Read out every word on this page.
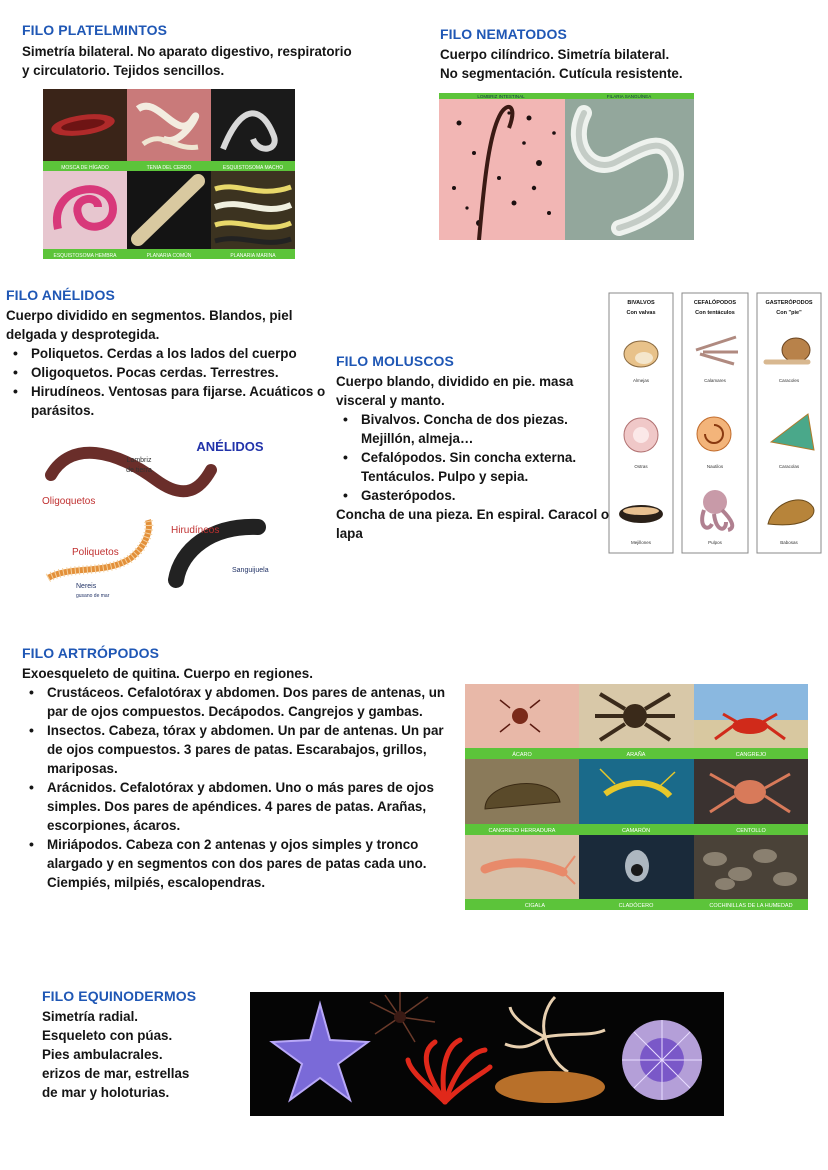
FILO PLATELMINTOS
Simetría bilateral. No aparato digestivo, respiratorio y circulatorio. Tejidos sencillos.
MOSCA DE HÍGADO	TENIA DEL CERDO	ESQUISTOSOMA MACHO
ESQUISTOSOMA HEMBRA	PLANARIA COMÚN	PLANARIA MARINA
FILO NEMATODOS

Cuerpo cilíndrico. Simetría bilateral.

No segmentación. Cutícula resistente.

LOMBRIZ INTESTINAL	FILARIA SANGUÍNEA
FILO ANÉLIDOS

Cuerpo dividido en segmentos. Blandos, piel delgada y desprotegida.

• Poliquetos. Cerdas a los lados del cuerpo
• Oligoquetos. Pocas cerdas. Terrestres.
• Hirudíneos. Ventosas para fijarse. Acuáticos o parásitos.
ANÉLIDOS
Lombriz
de tierra
Oligoquetos
Hirudíneos
Sanguijuela
Poliquetos
Nereis
gusano de mar
FILO MOLUSCOS

Cuerpo blando, dividido en pie. masa visceral y manto.

• Bivalvos. Concha de dos piezas. Mejillón, almeja…
• Cefalópodos. Sin concha externa. Tentáculos. Pulpo y sepia.
• Gasterópodos.

Concha de una pieza. En espiral. Caracol o lapa

BIVALVOS
Con valvas
Almejas
Ostras
Mejillones
CEFALÓPODOS
Con tentáculos
Calamares
Nautilos
Pulpos
GASTERÓPODOS
Con "pie"
Caracoles
Caracolas
Babosas
FILO ARTRÓPODOS

Exoesqueleto de quitina. Cuerpo en regiones.

• Crustáceos. Cefalotórax y abdomen. Dos pares de antenas, un par de ojos compuestos. Decápodos. Cangrejos y gambas.
• Insectos. Cabeza, tórax y abdomen. Un par de antenas. Un par de ojos compuestos. 3 pares de patas. Escarabajos, grillos, mariposas.
• Arácnidos. Cefalotórax y abdomen. Uno o más pares de ojos simples. Dos pares de apéndices. 4 pares de patas. Arañas, escorpiones, ácaros.
• Miriápodos. Cabeza con 2 antenas y ojos simples y tronco alargado y en segmentos con dos pares de patas cada uno. Ciempiés, milpiés, escalopendras.
ÁCARO	ARAÑA	CANGREJO
CANGREJO HERRADURA	CAMARÓN	CENTOLLO
CIGALA	CLADÓCERO	COCHINILLAS DE LA HUMEDAD
FILO EQUINODERMOS

Simetría radial.

Esqueleto con púas.

Pies ambulacrales.

erizos de mar, estrellas

de mar y holoturias.
